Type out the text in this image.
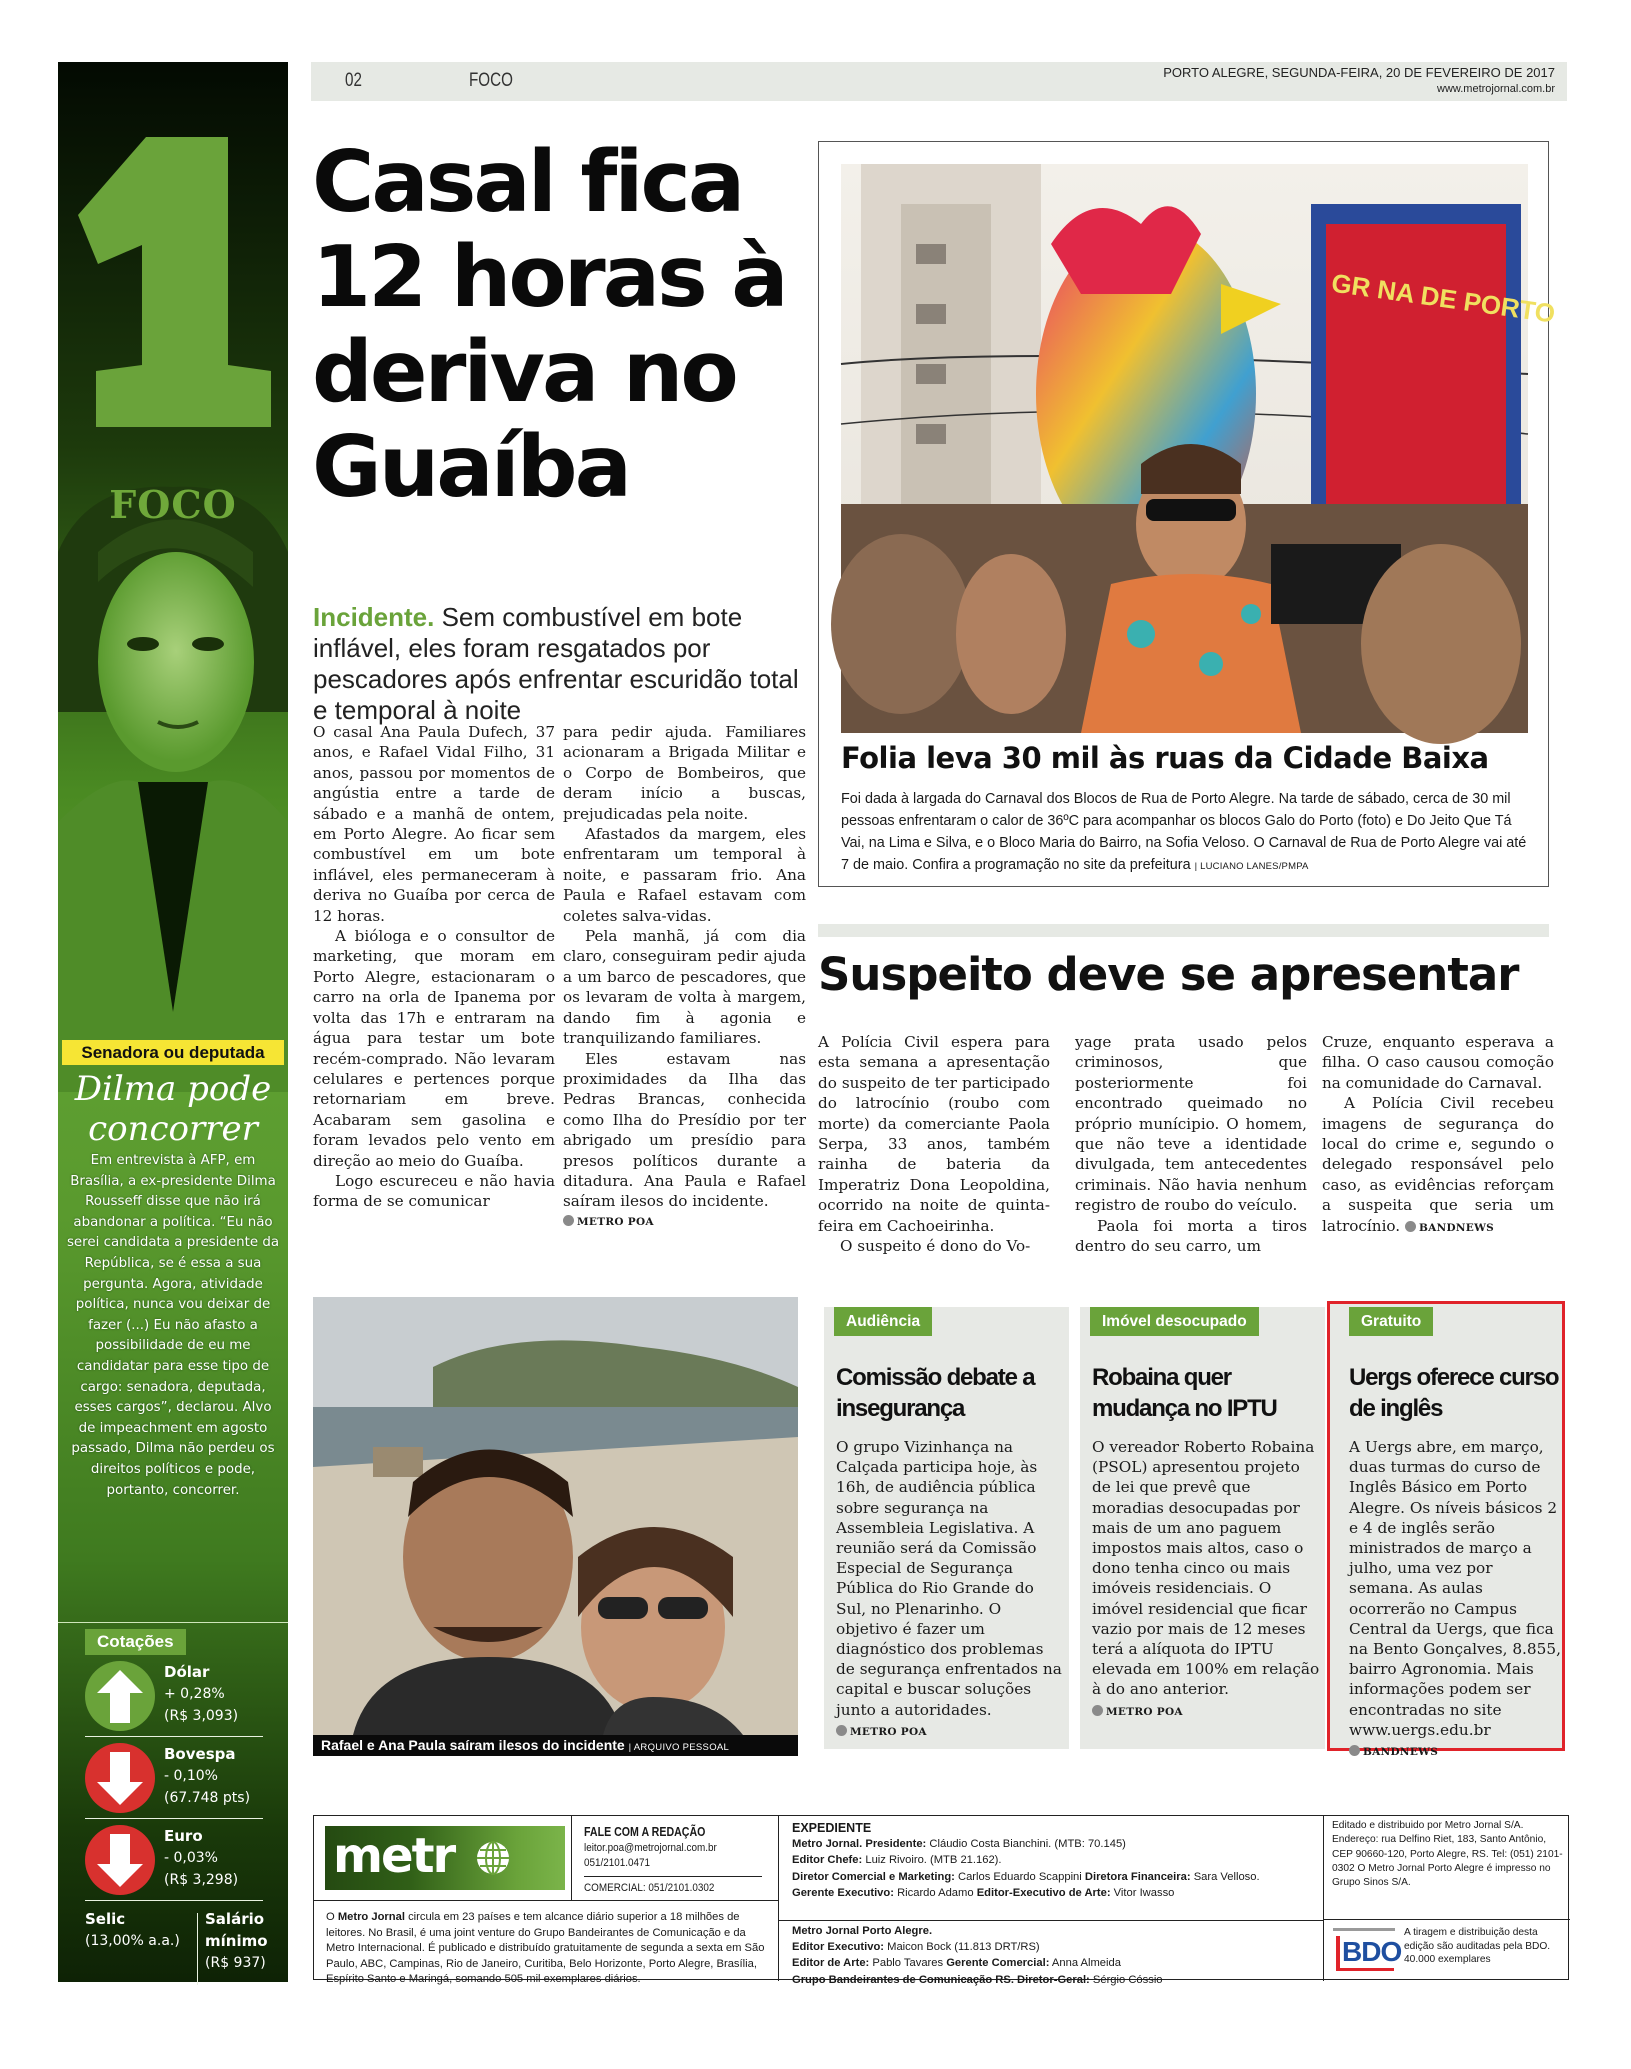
FOCO
Senadora ou deputada
Dilma pode concorrer
Em entrevista à AFP, em Brasília, a ex-presidente Dilma Rousseff disse que não irá abandonar a política. “Eu não serei candidata a presidente da República, se é essa a sua pergunta. Agora, atividade política, nunca vou deixar de fazer (...) Eu não afasto a possibilidade de eu me candidatar para esse tipo de cargo: senadora, deputada, esses cargos”, declarou. Alvo de impeachment em agosto passado, Dilma não perdeu os direitos políticos e pode, portanto, concorrer.
Cotações
Dólar
+ 0,28%
(R$ 3,093)
Bovespa
- 0,10%
(67.748 pts)
Euro
- 0,03%
(R$ 3,298)
Selic
(13,00% a.a.)
Salário
mínimo
(R$ 937)
02	FOCO	PORTO ALEGRE, SEGUNDA-FEIRA, 20 DE FEVEREIRO DE 2017
www.metrojornal.com.br
Casal fica 12 horas à deriva no Guaíba
Incidente. Sem combustível em bote inflável, eles foram resgatados por pescadores após enfrentar escuridão total e temporal à noite

O casal Ana Paula Dufech, 37 anos, e Rafael Vidal Filho, 31 anos, passou por momentos de angústia entre a tarde de sábado e a manhã de ontem, em Porto Alegre. Ao ficar sem combustível em um bote inflável, eles permaneceram à deriva no Guaíba por cerca de 12 horas.

A bióloga e o consultor de marketing, que moram em Porto Alegre, estacionaram o carro na orla de Ipanema por volta das 17h e entraram na água para testar um bote recém-comprado. Não levaram celulares e pertences porque retornariam em breve. Acabaram sem gasolina e foram levados pelo vento em direção ao meio do Guaíba.

Logo escureceu e não havia forma de se comunicar

para pedir ajuda. Familiares acionaram a Brigada Militar e o Corpo de Bombeiros, que deram início a buscas, prejudicadas pela noite.

Afastados da margem, eles enfrentaram um temporal à noite, e passaram frio. Ana Paula e Rafael estavam com coletes salva-vidas.

Pela manhã, já com dia claro, conseguiram pedir ajuda a um barco de pescadores, que os levaram de volta à margem, dando fim à agonia e tranquilizando familiares.

Eles estavam nas proximidades da Ilha das Pedras Brancas, conhecida como Ilha do Presídio por ter abrigado um presídio para presos políticos durante a ditadura. Ana Paula e Rafael saíram ilesos do incidente.

METRO POA
GR NA DE PORTO
Folia leva 30 mil às ruas da Cidade Baixa
Foi dada à largada do Carnaval dos Blocos de Rua de Porto Alegre. Na tarde de sábado, cerca de 30 mil pessoas enfrentaram o calor de 36ºC para acompanhar os blocos Galo do Porto (foto) e Do Jeito Que Tá Vai, na Lima e Silva, e o Bloco Maria do Bairro, na Sofia Veloso. O Carnaval de Rua de Porto Alegre vai até 7 de maio. Confira a programação no site da prefeitura | LUCIANO LANES/PMPA
Suspeito deve se apresentar

A Polícia Civil espera para esta semana a apresentação do suspeito de ter participado do latrocínio (roubo com morte) da comerciante Paola Serpa, 33 anos, também rainha de bateria da Imperatriz Dona Leopoldina, ocorrido na noite de quinta-feira em Cachoeirinha.

O suspeito é dono do Vo-

yage prata usado pelos criminosos, que posteriormente foi encontrado queimado no próprio munícipio. O homem, que não teve a identidade divulgada, tem antecedentes criminais. Não havia nenhum registro de roubo do veículo.

Paola foi morta a tiros dentro do seu carro, um

Cruze, enquanto esperava a filha. O caso causou comoção na comunidade do Carnaval.

A Polícia Civil recebeu imagens de segurança do local do crime e, segundo o delegado responsável pelo caso, as evidências reforçam a suspeita que seria um latrocínio. BANDNEWS

Rafael e Ana Paula saíram ilesos do incidente | ARQUIVO PESSOAL
Audiência
Comissão debate a insegurança
O grupo Vizinhança na Calçada participa hoje, às 16h, de audiência pública sobre segurança na Assembleia Legislativa. A reunião será da Comissão Especial de Segurança Pública do Rio Grande do Sul, no Plenarinho. O objetivo é fazer um diagnóstico dos problemas de segurança enfrentados na capital e buscar soluções junto a autoridades. METRO POA
Imóvel desocupado
Robaina quer mudança no IPTU
O vereador Roberto Robaina (PSOL) apresentou projeto de lei que prevê que moradias desocupadas por mais de um ano paguem impostos mais altos, caso o dono tenha cinco ou mais imóveis residenciais. O imóvel residencial que ficar vazio por mais de 12 meses terá a alíquota do IPTU elevada em 100% em relação à do ano anterior.
METRO POA
Gratuito
Uergs oferece curso de inglês
A Uergs abre, em março, duas turmas do curso de Inglês Básico em Porto Alegre. Os níveis básicos 2 e 4 de inglês serão ministrados de março a julho, uma vez por semana. As aulas ocorrerão no Campus Central da Uergs, que fica na Bento Gonçalves, 8.855, bairro Agronomia. Mais informações podem ser encontradas no site www.uergs.edu.br BANDNEWS
metr	FALE COM A REDAÇÃO
leitor.poa@metrojornal.com.br
051/2101.0471
COMERCIAL: 051/2101.0302
O Metro Jornal circula em 23 países e tem alcance diário superior a 18 milhões de leitores. No Brasil, é uma joint venture do Grupo Bandeirantes de Comunicação e da Metro Internacional. É publicado e distribuído gratuitamente de segunda a sexta em São Paulo, ABC, Campinas, Rio de Janeiro, Curitiba, Belo Horizonte, Porto Alegre, Brasília, Espírito Santo e Maringá, somando 505 mil exemplares diários.
EXPEDIENTE
Metro Jornal. Presidente: Cláudio Costa Bianchini. (MTB: 70.145)
Editor Chefe: Luiz Rivoiro. (MTB 21.162).
Diretor Comercial e Marketing: Carlos Eduardo Scappini Diretora Financeira: Sara Velloso.
Gerente Executivo: Ricardo Adamo Editor-Executivo de Arte: Vitor Iwasso
Metro Jornal Porto Alegre.
Editor Executivo: Maicon Bock (11.813 DRT/RS)
Editor de Arte: Pablo Tavares Gerente Comercial: Anna Almeida
Grupo Bandeirantes de Comunicação RS. Diretor-Geral: Sérgio Cóssio
Editado e distribuido por Metro Jornal S/A. Endereço: rua Delfino Riet, 183, Santo Antônio, CEP 90660-120, Porto Alegre, RS. Tel: (051) 2101-0302 O Metro Jornal Porto Alegre é impresso no Grupo Sinos S/A.
BDO
A tiragem e distribuição desta edição são auditadas pela BDO. 40.000 exemplares
